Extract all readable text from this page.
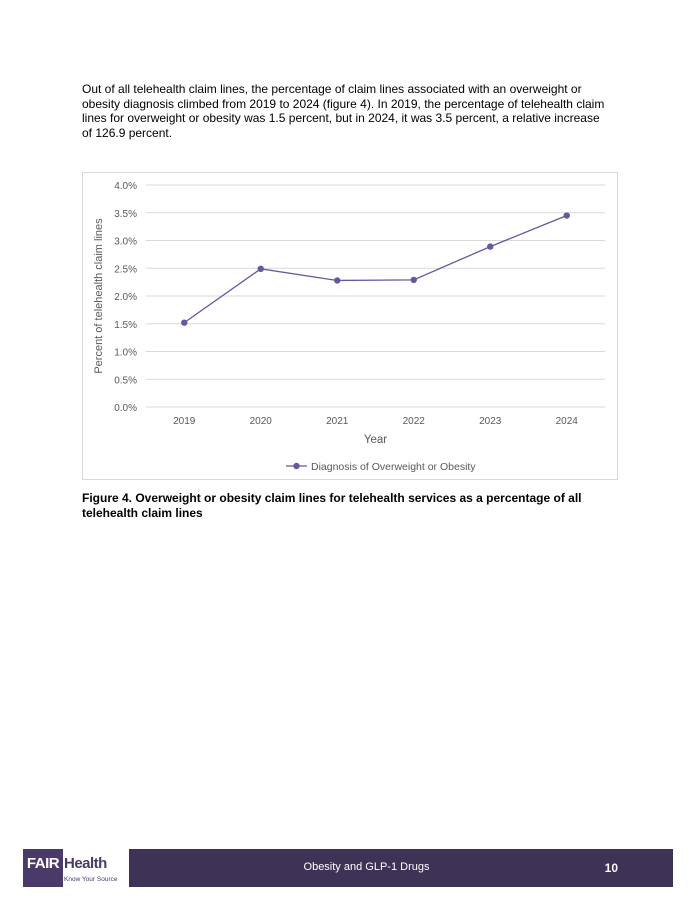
Out of all telehealth claim lines, the percentage of claim lines associated with an overweight or obesity diagnosis climbed from 2019 to 2024 (figure 4). In 2019, the percentage of telehealth claim lines for overweight or obesity was 1.5 percent, but in 2024, it was 3.5 percent, a relative increase of 126.9 percent.

0.0%
0.5%
1.0%
1.5%
2.0%
2.5%
3.0%
3.5%
4.0%
2019	2020	2021	2022	2023	2024
Year
Percent of telehealth claim lines
Diagnosis of Overweight or Obesity

Figure 4. Overweight or obesity claim lines for telehealth services as a percentage of all telehealth claim lines

FAIR Health
Know Your Source
Obesity and GLP-1 Drugs	10
